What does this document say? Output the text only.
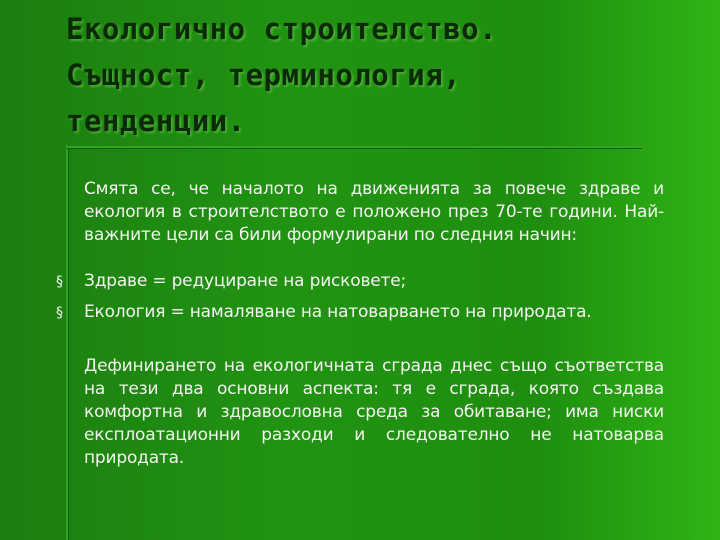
Екологично строителство.
Същност, терминология,
тенденции.

Смята се, че началото на движенията за повече здраве и екология в строителството е положено през 70-те години. Най-важните цели са били формулирани по следния начин:

§ Здраве = редуциране на рисковете;

§ Екология = намаляване на натоварването на природата.

Дефинирането на екологичната сграда днес също съответства на тези два основни аспекта: тя е сграда, която създава комфортна и здравословна среда за обитаване; има ниски експлоатационни разходи и следователно не натоварва природата.
